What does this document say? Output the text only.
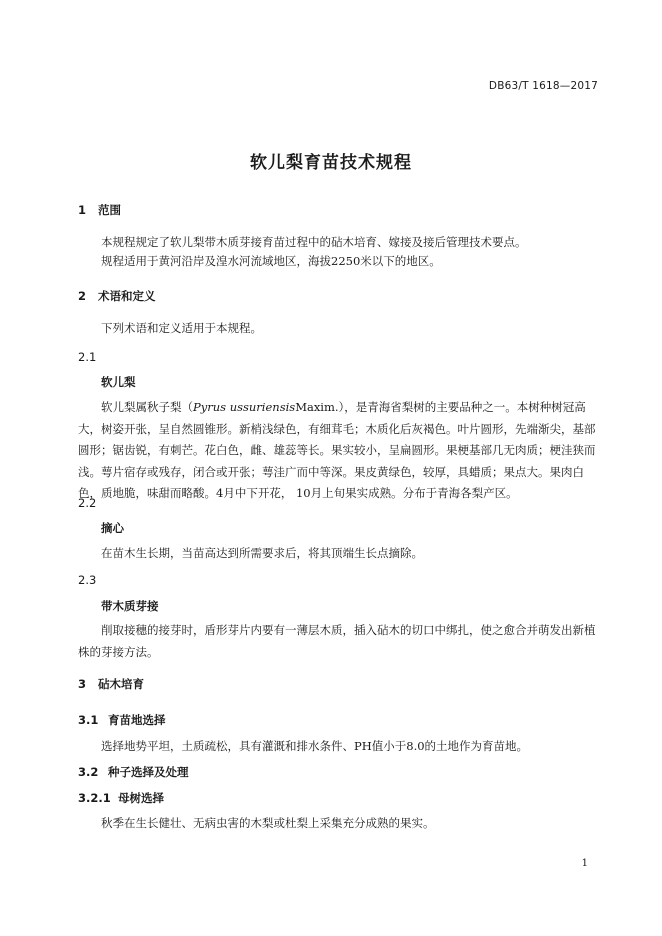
DB63/T 1618—2017
软儿梨育苗技术规程
1 范围
本规程规定了软儿梨带木质芽接育苗过程中的砧木培育、嫁接及接后管理技术要点。
规程适用于黄河沿岸及湟水河流域地区，海拔2250米以下的地区。
2 术语和定义
下列术语和定义适用于本规程。
2.1
软儿梨
软儿梨属秋子梨（Pyrus ussuriensisMaxim.），是青海省梨树的主要品种之一。本树种树冠高大，树姿开张，呈自然圆锥形。新梢浅绿色，有细茸毛；木质化后灰褐色。叶片圆形，先端渐尖，基部圆形；锯齿锐，有刺芒。花白色，雌、雄蕊等长。果实较小，呈扁圆形。果梗基部几无肉质；梗洼狭而浅。萼片宿存或残存，闭合或开张；萼洼广而中等深。果皮黄绿色，较厚，具蜡质；果点大。果肉白色，质地脆，味甜而略酸。4月中下开花， 10月上旬果实成熟。分布于青海各梨产区。
2.2
摘心
在苗木生长期，当苗高达到所需要求后，将其顶端生长点摘除。
2.3
带木质芽接
削取接穗的接芽时，盾形芽片内要有一薄层木质，插入砧木的切口中绑扎，使之愈合并萌发出新植株的芽接方法。
3 砧木培育
3.1 育苗地选择
选择地势平坦，土质疏松，具有灌溉和排水条件、PH值小于8.0的土地作为育苗地。
3.2 种子选择及处理
3.2.1 母树选择
秋季在生长健壮、无病虫害的木梨或杜梨上采集充分成熟的果实。
1
